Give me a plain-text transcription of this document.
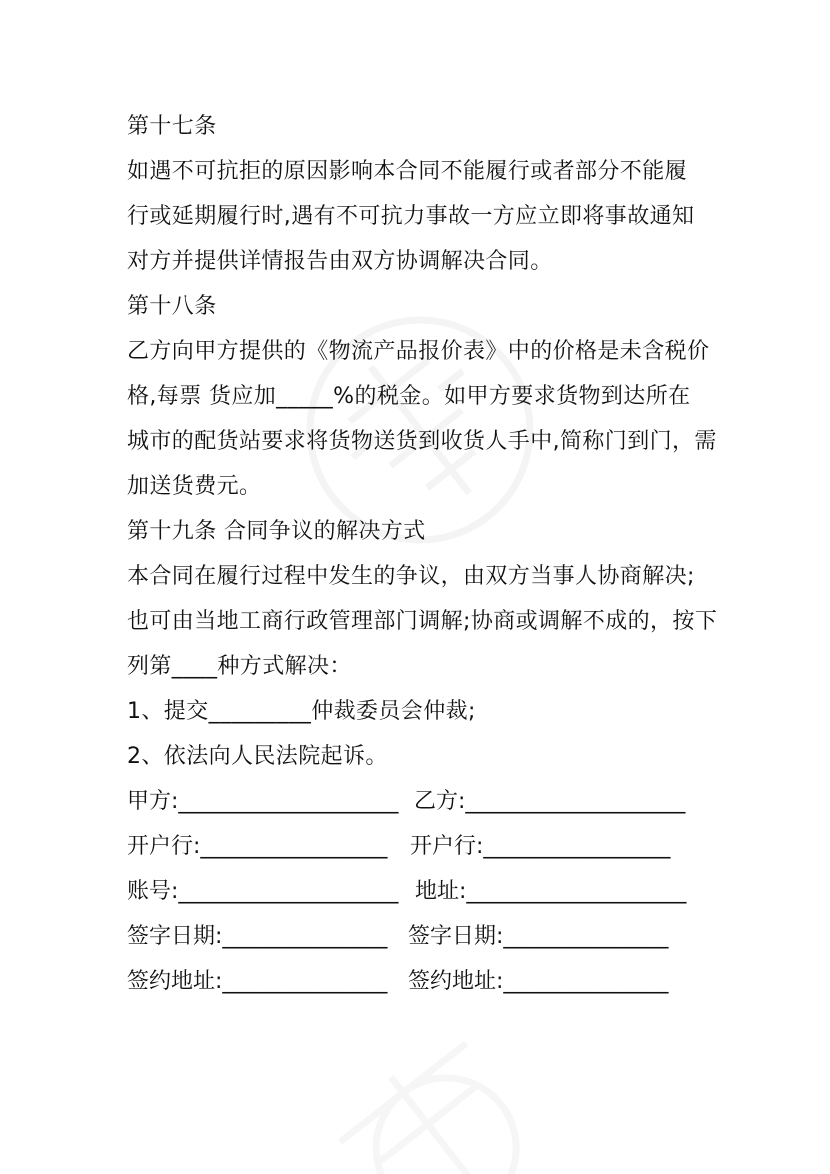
第十七条
如遇不可抗拒的原因影响本合同不能履行或者部分不能履
行或延期履行时,遇有不可抗力事故一方应立即将事故通知
对方并提供详情报告由双方协调解决合同。
第十八条
乙方向甲方提供的《物流产品报价表》中的价格是未含税价
格,每票 货应加_____%的税金。如甲方要求货物到达所在
城市的配货站要求将货物送货到收货人手中,简称门到门，需
加送货费元。
第十九条 合同争议的解决方式
本合同在履行过程中发生的争议，由双方当事人协商解决;
也可由当地工商行政管理部门调解;协商或调解不成的，按下
列第____种方式解决：
1、提交_________仲裁委员会仲裁;
2、依法向人民法院起诉。
甲方:____________________ 乙方:____________________
开户行:_________________ 开户行:_________________
账号:____________________ 地址:____________________
签字日期:_______________ 签字日期:_______________
签约地址:_______________ 签约地址:_______________
